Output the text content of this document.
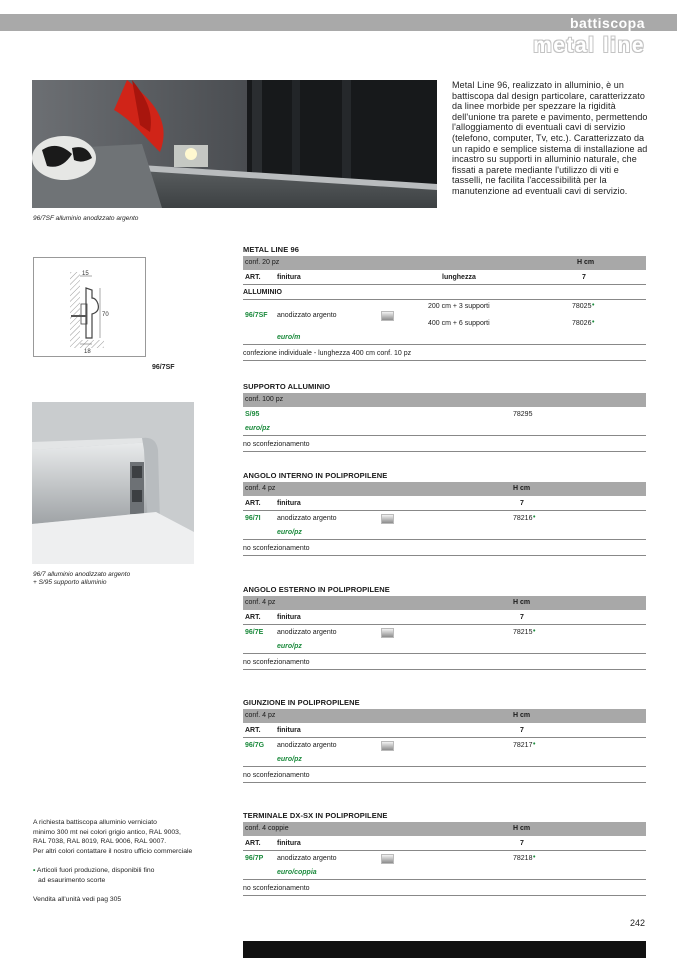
battiscopa
metal line
96/7SF alluminio anodizzato argento
Metal Line 96, realizzato in alluminio, è un battiscopa dal design particolare, caratterizzato da linee morbide per spezzare la rigidità dell'unione tra parete e pavimento, permettendo l'alloggiamento di eventuali cavi di servizio (telefono, computer, Tv, etc.). Caratterizzato da un rapido e semplice sistema di installazione ad incastro su supporti in alluminio naturale, che fissati a parete mediante l'utilizzo di viti e tasselli, ne facilita l'accessibilità per la manutenzione ad eventuali cavi di servizio.
15
70
18
96/7SF
96/7 alluminio anodizzato argento
+ S/95 supporto alluminio
METAL LINE 96
conf. 20 pz	H cm
ART. finitura	lunghezza	7
ALLUMINIO
96/7SF anodizzato argento
200 cm + 3 supporti	78025 •
400 cm + 6 supporti	78026 •
euro/m
confezione individuale - lunghezza 400 cm conf. 10 pz
SUPPORTO ALLUMINIO
conf. 100 pz
S/95	78295
euro/pz
no sconfezionamento
ANGOLO INTERNO IN POLIPROPILENE
conf. 4 pz	H cm
ART. finitura	7
96/7I anodizzato argento	78216 •
euro/pz
no sconfezionamento
ANGOLO ESTERNO IN POLIPROPILENE
conf. 4 pz	H cm
ART. finitura	7
96/7E anodizzato argento	78215 •
euro/pz
no sconfezionamento
GIUNZIONE IN POLIPROPILENE
conf. 4 pz	H cm
ART. finitura	7
96/7G anodizzato argento	78217 •
euro/pz
no sconfezionamento
TERMINALE DX-SX IN POLIPROPILENE
conf. 4 coppie	H cm
ART. finitura	7
96/7P anodizzato argento	78218 •
euro/coppia
no sconfezionamento
A richiesta battiscopa alluminio verniciato
minimo 300 mt nei colori grigio antico, RAL 9003,
RAL 7038, RAL 8019, RAL 9006, RAL 9007.
Per altri colori contattare il nostro ufficio commerciale
• Articoli fuori produzione, disponibili fino
ad esaurimento scorte
Vendita all'unità vedi pag 305
242
